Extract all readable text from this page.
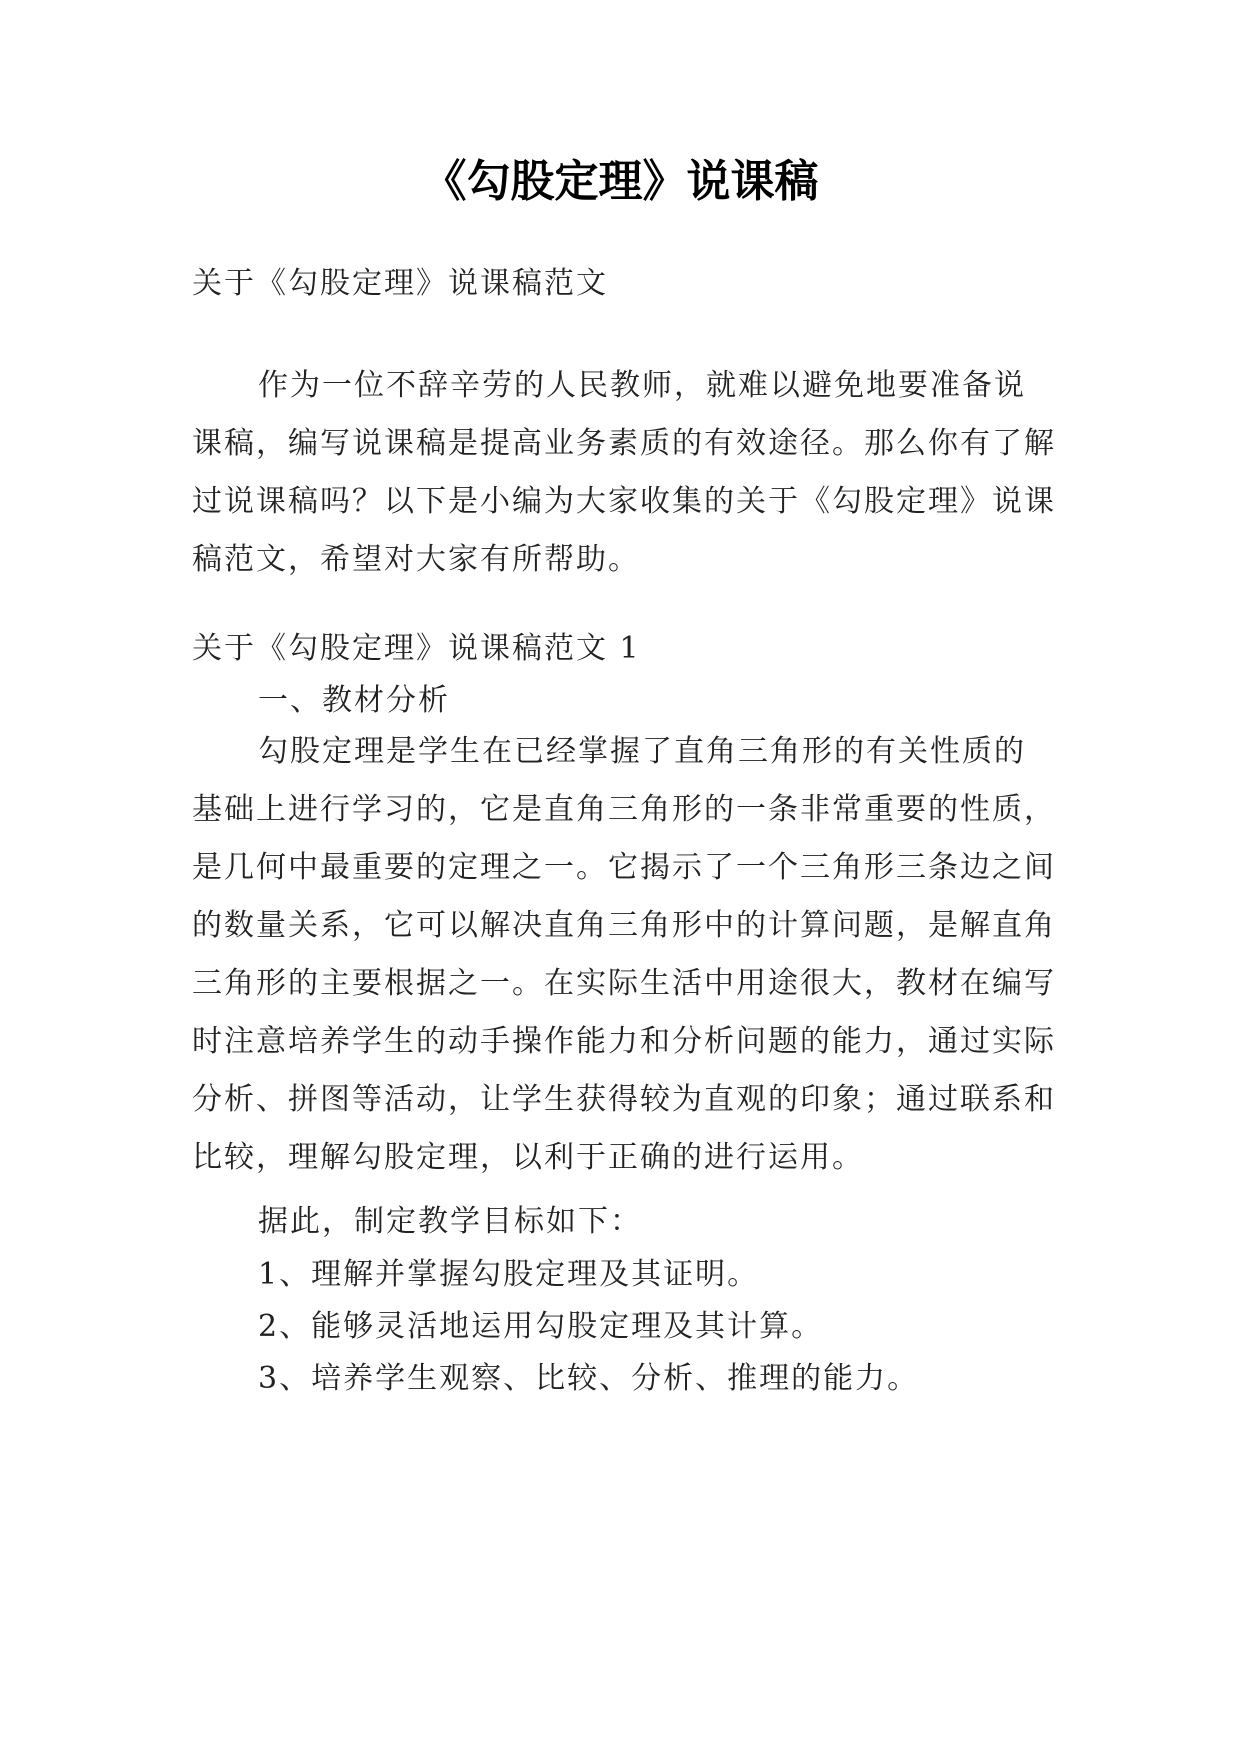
《勾股定理》说课稿

关于《勾股定理》说课稿范文

作为一位不辞辛劳的人民教师，就难以避免地要准备说课稿，编写说课稿是提高业务素质的有效途径。那么你有了解过说课稿吗？以下是小编为大家收集的关于《勾股定理》说课稿范文，希望对大家有所帮助。

关于《勾股定理》说课稿范文 1

一、教材分析

勾股定理是学生在已经掌握了直角三角形的有关性质的基础上进行学习的，它是直角三角形的一条非常重要的性质，是几何中最重要的定理之一。它揭示了一个三角形三条边之间的数量关系，它可以解决直角三角形中的计算问题，是解直角三角形的主要根据之一。在实际生活中用途很大，教材在编写时注意培养学生的动手操作能力和分析问题的能力，通过实际分析、拼图等活动，让学生获得较为直观的印象；通过联系和比较，理解勾股定理，以利于正确的进行运用。

据此，制定教学目标如下：

1、理解并掌握勾股定理及其证明。

2、能够灵活地运用勾股定理及其计算。

3、培养学生观察、比较、分析、推理的能力。
